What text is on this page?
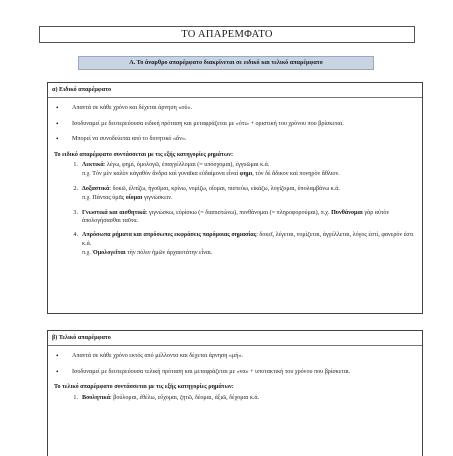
ΤΟ ΑΠΑΡΕΜΦΑΤΟ
Α. Το άναρθρο απαρέμφατο διακρίνεται σε ειδικό και τελικό απαρέμφατο
α) Ειδικό απαρέμφατο
•	Απαντά σε κάθε χρόνο και δέχεται άρνηση «ού».
•	Ισοδυναμεί με δευτερεύουσα ειδική πρόταση και μεταφράζεται με «ότι» + οριστική του χρόνου που βρίσκεται.
•	Μπορεί να συνοδεύεται από το δυνητικό «ἄν».
Το ειδικό απαρέμφατο συντάσσεται με τις εξής κατηγορίες ρημάτων:
1. Λεκτικά: λέγω, φημί, ὁμολογῶ, ἐπαγγέλλομαι (= υπόσχομαι), ἐγγυῶμαι κ.ά.
π.χ. Τὸν μὲν καλὸν κἀγαθὸν ἄνδρα καὶ γυναῖκα εὐδαίμονα εἶναί φημι, τὸν δὲ ἄδικον καὶ πονηρὸν ἄθλιον.
2. Δοξαστικά: δοκῶ, ἐλπίζω, ἡγοῦμαι, κρίνω, νομίζω, οἴομαι, πιστεύω, εἰκάζω, λογίζομαι, ὑπολαμβάνω κ.ά.
π.χ. Πάντας ὑμᾶς οἴομαι γιγνώσκειν.
3. Γνωστικά και αισθητικά: γιγνώσκω, εὑρίσκω (= διαπιστώνω), πυνθάνομαι (= πληροφορούμαι), π.χ. Πυνθάνομαι γὰρ αὐτὸν ἀπολογήσασθαι ταῦτα.
4. Απρόσωπα ρήματα και απρόσωπες εκφράσεις παρόμοιας σημασίας: δοκεῖ, λέγεται, νομίζεται, ἀγγέλλεται, λόγος ἐστί, φανερόν ἐστι κ.ά.
π.χ. Ὁμολογεῖται τὴν πόλιν ἡμῶν ἀρχαιοτάτην εἶναι.
β) Τελικό απαρέμφατο
•	Απαντά σε κάθε χρόνο εκτός από μέλλοντα και δέχεται άρνηση «μή».
•	Ισοδυναμεί με δευτερεύουσα τελική πρόταση και μεταφράζεται με «να» + υποτακτική του χρόνου που βρίσκεται.
Το τελικό απαρέμφατο συντάσσεται με τις εξής κατηγορίες ρημάτων:
1. Βουλητικά: βούλομαι, ἐθέλω, εὔχομαι, ζητῶ, δέομαι, ἀξιῶ, δέχομαι κ.ά.
